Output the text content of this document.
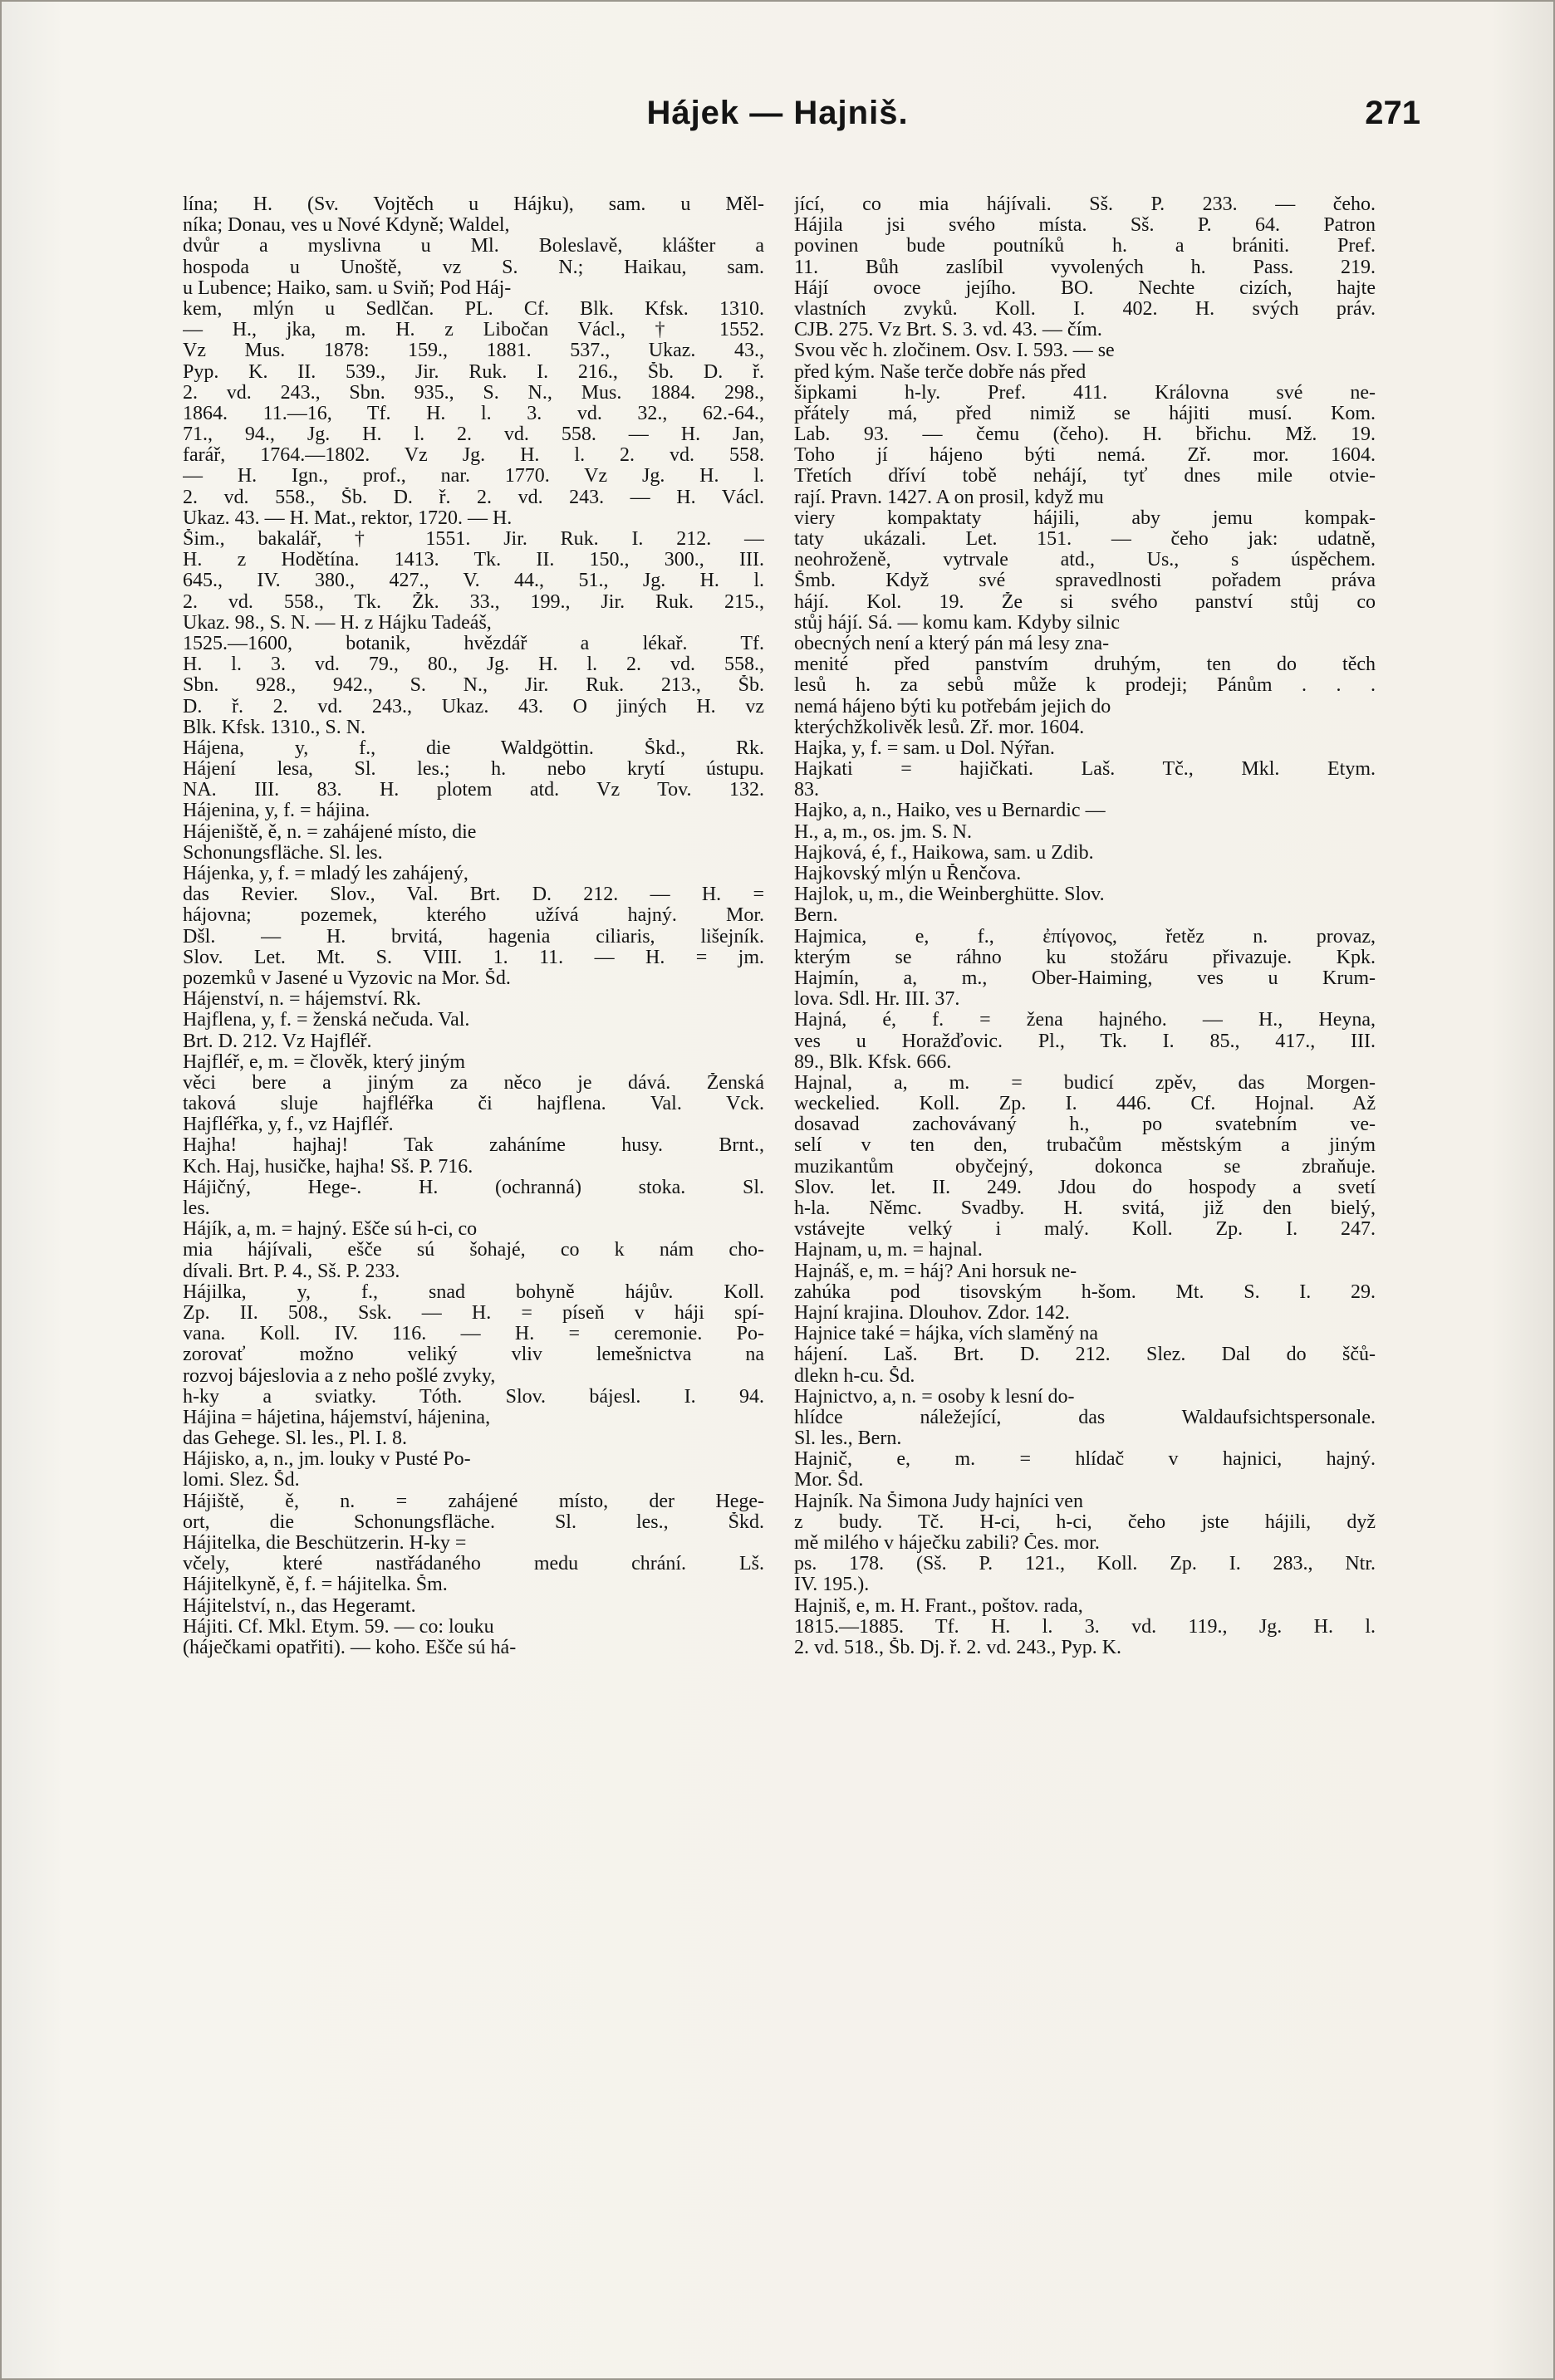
Hájek — Hajniš.	271
lína; H. (Sv. Vojtěch u Hájku), sam. u Měl-
níka; Donau, ves u Nové Kdyně; Waldel,
dvůr a myslivna u Ml. Boleslavě, klášter a
hospoda u Unoště, vz S. N.; Haikau, sam.
u Lubence; Haiko, sam. u Sviň; Pod Háj-
kem, mlýn u Sedlčan. PL. Cf. Blk. Kfsk. 1310.
— H., jka, m. H. z Libočan Václ., † 1552.
Vz Mus. 1878: 159., 1881. 537., Ukaz. 43.,
Pyp. K. II. 539., Jir. Ruk. I. 216., Šb. D. ř.
2. vd. 243., Sbn. 935., S. N., Mus. 1884. 298.,
1864. 11.—16, Tf. H. l. 3. vd. 32., 62.-64.,
71., 94., Jg. H. l. 2. vd. 558. — H. Jan,
farář, 1764.—1802. Vz Jg. H. l. 2. vd. 558.
— H. Ign., prof., nar. 1770. Vz Jg. H. l.
2. vd. 558., Šb. D. ř. 2. vd. 243. — H. Václ.
Ukaz. 43. — H. Mat., rektor, 1720. — H.
Šim., bakalář, † 1551. Jir. Ruk. I. 212. —
H. z Hodětína. 1413. Tk. II. 150., 300., III.
645., IV. 380., 427., V. 44., 51., Jg. H. l.
2. vd. 558., Tk. Žk. 33., 199., Jir. Ruk. 215.,
Ukaz. 98., S. N. — H. z Hájku Tadeáš,
1525.—1600, botanik, hvězdář a lékař. Tf.
H. l. 3. vd. 79., 80., Jg. H. l. 2. vd. 558.,
Sbn. 928., 942., S. N., Jir. Ruk. 213., Šb.
D. ř. 2. vd. 243., Ukaz. 43. O jiných H. vz
Blk. Kfsk. 1310., S. N.
Hájena, y, f., die Waldgöttin. Škd., Rk.
Hájení lesa, Sl. les.; h. nebo krytí ústupu.
NA. III. 83. H. plotem atd. Vz Tov. 132.
Hájenina, y, f. = hájina.
Hájeniště, ě, n. = zahájené místo, die
Schonungsfläche. Sl. les.
Hájenka, y, f. = mladý les zahájený,
das Revier. Slov., Val. Brt. D. 212. — H. =
hájovna; pozemek, kterého užívá hajný. Mor.
Dšl. — H. brvitá, hagenia ciliaris, lišejník.
Slov. Let. Mt. S. VIII. 1. 11. — H. = jm.
pozemků v Jasené u Vyzovic na Mor. Šd.
Hájenství, n. = hájemství. Rk.
Hajflena, y, f. = ženská nečuda. Val.
Brt. D. 212. Vz Hajfléř.
Hajfléř, e, m. = člověk, který jiným
věci bere a jiným za něco je dává. Ženská
taková sluje hajfléřka či hajflena. Val. Vck.
Hajfléřka, y, f., vz Hajfléř.
Hajha! hajhaj! Tak zaháníme husy. Brnt.,
Kch. Haj, husičke, hajha! Sš. P. 716.
Hájičný, Hege-. H. (ochranná) stoka. Sl.
les.
Hájík, a, m. = hajný. Ešče sú h-ci, co
mia hájívali, ešče sú šohajé, co k nám cho-
dívali. Brt. P. 4., Sš. P. 233.
Hájilka, y, f., snad bohyně hájův. Koll.
Zp. II. 508., Ssk. — H. = píseň v háji spí-
vana. Koll. IV. 116. — H. = ceremonie. Po-
zorovať možno veliký vliv lemešnictva na
rozvoj bájeslovia a z neho pošlé zvyky,
h-ky a sviatky. Tóth. Slov. bájesl. I. 94.
Hájina = hájetina, hájemství, hájenina,
das Gehege. Sl. les., Pl. I. 8.
Hájisko, a, n., jm. louky v Pusté Po-
lomi. Slez. Šd.
Hájiště, ě, n. = zahájené místo, der Hege-
ort, die Schonungsfläche. Sl. les., Škd.
Hájitelka, die Beschützerin. H-ky =
včely, které nastřádaného medu chrání. Lš.
Hájitelkyně, ě, f. = hájitelka. Šm.
Hájitelství, n., das Hegeramt.
Hájiti. Cf. Mkl. Etym. 59. — co: louku
(háječkami opatřiti). — koho. Ešče sú há-
jící, co mia hájívali. Sš. P. 233. — čeho.
Hájila jsi svého místa. Sš. P. 64. Patron
povinen bude poutníků h. a brániti. Pref.
11. Bůh zaslíbil vyvolených h. Pass. 219.
Hájí ovoce jejího. BO. Nechte cizích, hajte
vlastních zvyků. Koll. I. 402. H. svých práv.
CJB. 275. Vz Brt. S. 3. vd. 43. — čím.
Svou věc h. zločinem. Osv. I. 593. — se
před kým. Naše terče dobře nás před
šipkami h-ly. Pref. 411. Královna své ne-
přátely má, před nimiž se hájiti musí. Kom.
Lab. 93. — čemu (čeho). H. břichu. Mž. 19.
Toho jí hájeno býti nemá. Zř. mor. 1604.
Třetích dříví tobě nehájí, tyť dnes mile otvie-
rají. Pravn. 1427. A on prosil, když mu
viery kompaktaty hájili, aby jemu kompak-
taty ukázali. Let. 151. — čeho jak: udatně,
neohroženě, vytrvale atd., Us., s úspěchem.
Šmb. Když své spravedlnosti pořadem práva
hájí. Kol. 19. Že si svého panství stůj co
stůj hájí. Sá. — komu kam. Kdyby silnic
obecných není a který pán má lesy zna-
menité před panstvím druhým, ten do těch
lesů h. za sebů může k prodeji; Pánům . . .
nemá hájeno býti ku potřebám jejich do
kterýchžkolivěk lesů. Zř. mor. 1604.
Hajka, y, f. = sam. u Dol. Nýřan.
Hajkati = hajičkati. Laš. Tč., Mkl. Etym.
83.
Hajko, a, n., Haiko, ves u Bernardic —
H., a, m., os. jm. S. N.
Hajková, é, f., Haikowa, sam. u Zdib.
Hajkovský mlýn u Řenčova.
Hajlok, u, m., die Weinberghütte. Slov.
Bern.
Hajmica, e, f., ἐπίγονος, řetěz n. provaz,
kterým se ráhno ku stožáru přivazuje. Kpk.
Hajmín, a, m., Ober-Haiming, ves u Krum-
lova. Sdl. Hr. III. 37.
Hajná, é, f. = žena hajného. — H., Heyna,
ves u Horažďovic. Pl., Tk. I. 85., 417., III.
89., Blk. Kfsk. 666.
Hajnal, a, m. = budicí zpěv, das Morgen-
weckelied. Koll. Zp. I. 446. Cf. Hojnal. Až
dosavad zachovávaný h., po svatebním ve-
selí v ten den, trubačům městským a jiným
muzikantům obyčejný, dokonca se zbraňuje.
Slov. let. II. 249. Jdou do hospody a svetí
h-la. Němc. Svadby. H. svitá, již den bielý,
vstávejte velký i malý. Koll. Zp. I. 247.
Hajnam, u, m. = hajnal.
Hajnáš, e, m. = háj? Ani horsuk ne-
zahúka pod tisovským h-šom. Mt. S. I. 29.
Hajní krajina. Dlouhov. Zdor. 142.
Hajnice také = hájka, vích slaměný na
hájení. Laš. Brt. D. 212. Slez. Dal do ščů-
dlekn h-cu. Šd.
Hajnictvo, a, n. = osoby k lesní do-
hlídce náležející, das Waldaufsichtspersonale.
Sl. les., Bern.
Hajnič, e, m. = hlídač v hajnici, hajný.
Mor. Šd.
Hajník. Na Šimona Judy hajníci ven
z budy. Tč. H-ci, h-ci, čeho jste hájili, dyž
mě milého v háječku zabili? Čes. mor.
ps. 178. (Sš. P. 121., Koll. Zp. I. 283., Ntr.
IV. 195.).
Hajniš, e, m. H. Frant., poštov. rada,
1815.—1885. Tf. H. l. 3. vd. 119., Jg. H. l.
2. vd. 518., Šb. Dj. ř. 2. vd. 243., Pyp. K.
